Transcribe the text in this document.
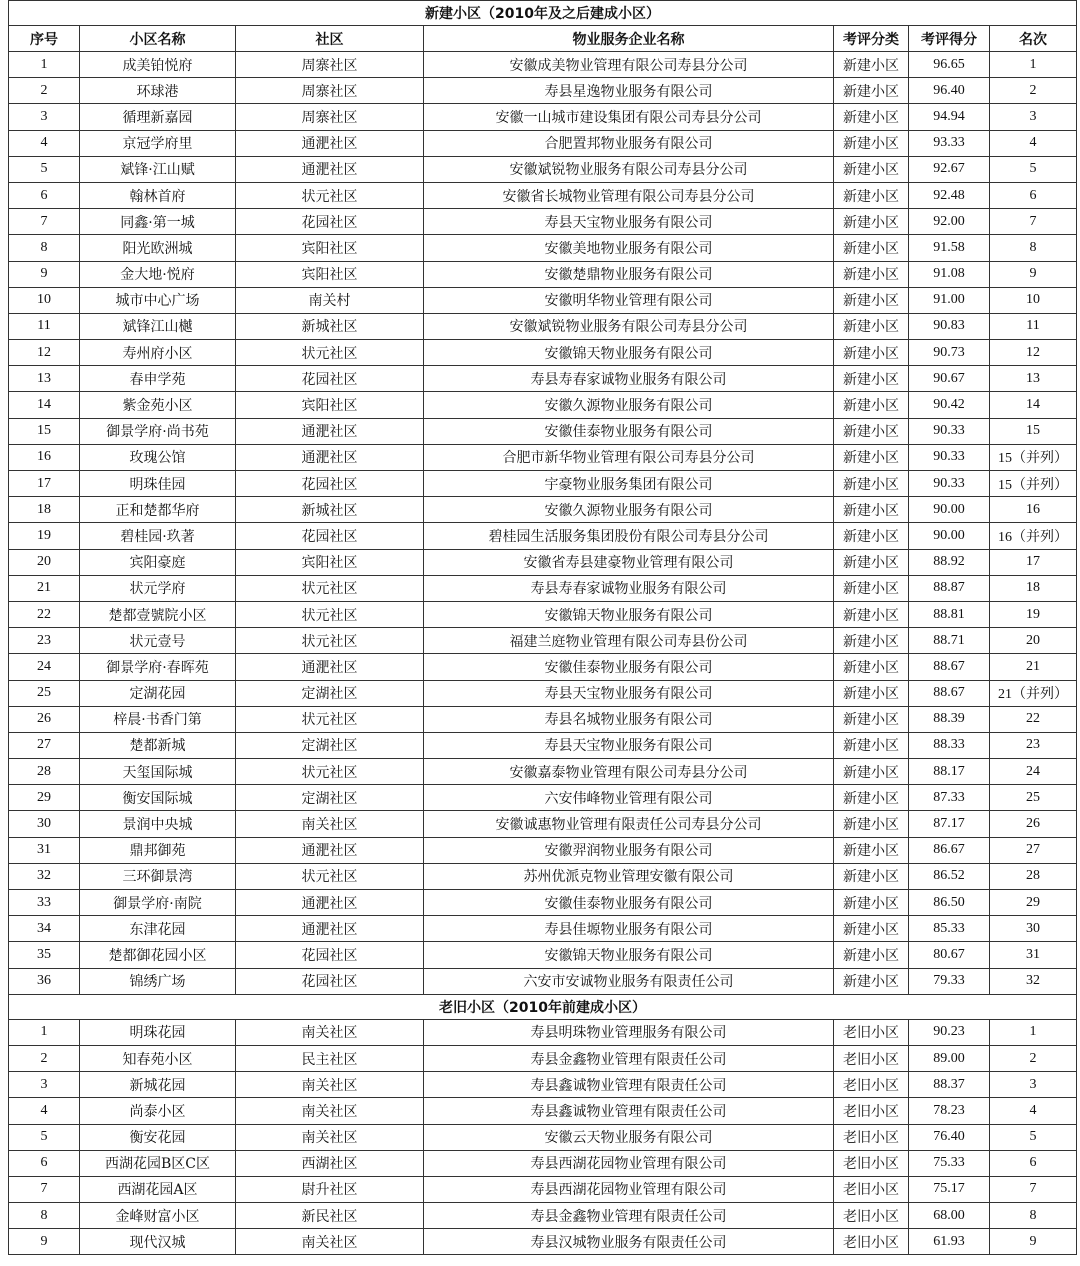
新建小区（2010年及之后建成小区）						
序号	小区名称	社区	物业服务企业名称	考评分类	考评得分	名次
1	成美铂悦府	周寨社区	安徽成美物业管理有限公司寿县分公司	新建小区	96.65	1
2	环球港	周寨社区	寿县星逸物业服务有限公司	新建小区	96.40	2
3	循理新嘉园	周寨社区	安徽一山城市建设集团有限公司寿县分公司	新建小区	94.94	3
4	京冠学府里	通淝社区	合肥置邦物业服务有限公司	新建小区	93.33	4
5	斌锋·江山赋	通淝社区	安徽斌锐物业服务有限公司寿县分公司	新建小区	92.67	5
6	翰林首府	状元社区	安徽省长城物业管理有限公司寿县分公司	新建小区	92.48	6
7	同鑫·第一城	花园社区	寿县天宝物业服务有限公司	新建小区	92.00	7
8	阳光欧洲城	宾阳社区	安徽美地物业服务有限公司	新建小区	91.58	8
9	金大地·悦府	宾阳社区	安徽楚鼎物业服务有限公司	新建小区	91.08	9
10	城市中心广场	南关村	安徽明华物业管理有限公司	新建小区	91.00	10
11	斌锋江山樾	新城社区	安徽斌锐物业服务有限公司寿县分公司	新建小区	90.83	11
12	寿州府小区	状元社区	安徽锦天物业服务有限公司	新建小区	90.73	12
13	春申学苑	花园社区	寿县寿春家诚物业服务有限公司	新建小区	90.67	13
14	紫金苑小区	宾阳社区	安徽久源物业服务有限公司	新建小区	90.42	14
15	御景学府·尚书苑	通淝社区	安徽佳泰物业服务有限公司	新建小区	90.33	15
16	玫瑰公馆	通淝社区	合肥市新华物业管理有限公司寿县分公司	新建小区	90.33	15（并列）
17	明珠佳园	花园社区	宇豪物业服务集团有限公司	新建小区	90.33	15（并列）
18	正和楚都华府	新城社区	安徽久源物业服务有限公司	新建小区	90.00	16
19	碧桂园·玖著	花园社区	碧桂园生活服务集团股份有限公司寿县分公司	新建小区	90.00	16（并列）
20	宾阳豪庭	宾阳社区	安徽省寿县建豪物业管理有限公司	新建小区	88.92	17
21	状元学府	状元社区	寿县寿春家诚物业服务有限公司	新建小区	88.87	18
22	楚都壹號院小区	状元社区	安徽锦天物业服务有限公司	新建小区	88.81	19
23	状元壹号	状元社区	福建兰庭物业管理有限公司寿县份公司	新建小区	88.71	20
24	御景学府·春晖苑	通淝社区	安徽佳泰物业服务有限公司	新建小区	88.67	21
25	定湖花园	定湖社区	寿县天宝物业服务有限公司	新建小区	88.67	21（并列）
26	梓晨·书香门第	状元社区	寿县名城物业服务有限公司	新建小区	88.39	22
27	楚都新城	定湖社区	寿县天宝物业服务有限公司	新建小区	88.33	23
28	天玺国际城	状元社区	安徽嘉泰物业管理有限公司寿县分公司	新建小区	88.17	24
29	衡安国际城	定湖社区	六安伟峰物业管理有限公司	新建小区	87.33	25
30	景润中央城	南关社区	安徽诚惠物业管理有限责任公司寿县分公司	新建小区	87.17	26
31	鼎邦御苑	通淝社区	安徽羿润物业服务有限公司	新建小区	86.67	27
32	三环御景湾	状元社区	苏州优派克物业管理安徽有限公司	新建小区	86.52	28
33	御景学府·南院	通淝社区	安徽佳泰物业服务有限公司	新建小区	86.50	29
34	东津花园	通淝社区	寿县佳塬物业服务有限公司	新建小区	85.33	30
35	楚都御花园小区	花园社区	安徽锦天物业服务有限公司	新建小区	80.67	31
36	锦绣广场	花园社区	六安市安诚物业服务有限责任公司	新建小区	79.33	32
老旧小区（2010年前建成小区）						
1	明珠花园	南关社区	寿县明珠物业管理服务有限公司	老旧小区	90.23	1
2	知春苑小区	民主社区	寿县金鑫物业管理有限责任公司	老旧小区	89.00	2
3	新城花园	南关社区	寿县鑫诚物业管理有限责任公司	老旧小区	88.37	3
4	尚泰小区	南关社区	寿县鑫诚物业管理有限责任公司	老旧小区	78.23	4
5	衡安花园	南关社区	安徽云天物业服务有限公司	老旧小区	76.40	5
6	西湖花园B区C区	西湖社区	寿县西湖花园物业管理有限公司	老旧小区	75.33	6
7	西湖花园A区	尉升社区	寿县西湖花园物业管理有限公司	老旧小区	75.17	7
8	金峰财富小区	新民社区	寿县金鑫物业管理有限责任公司	老旧小区	68.00	8
9	现代汉城	南关社区	寿县汉城物业服务有限责任公司	老旧小区	61.93	9
